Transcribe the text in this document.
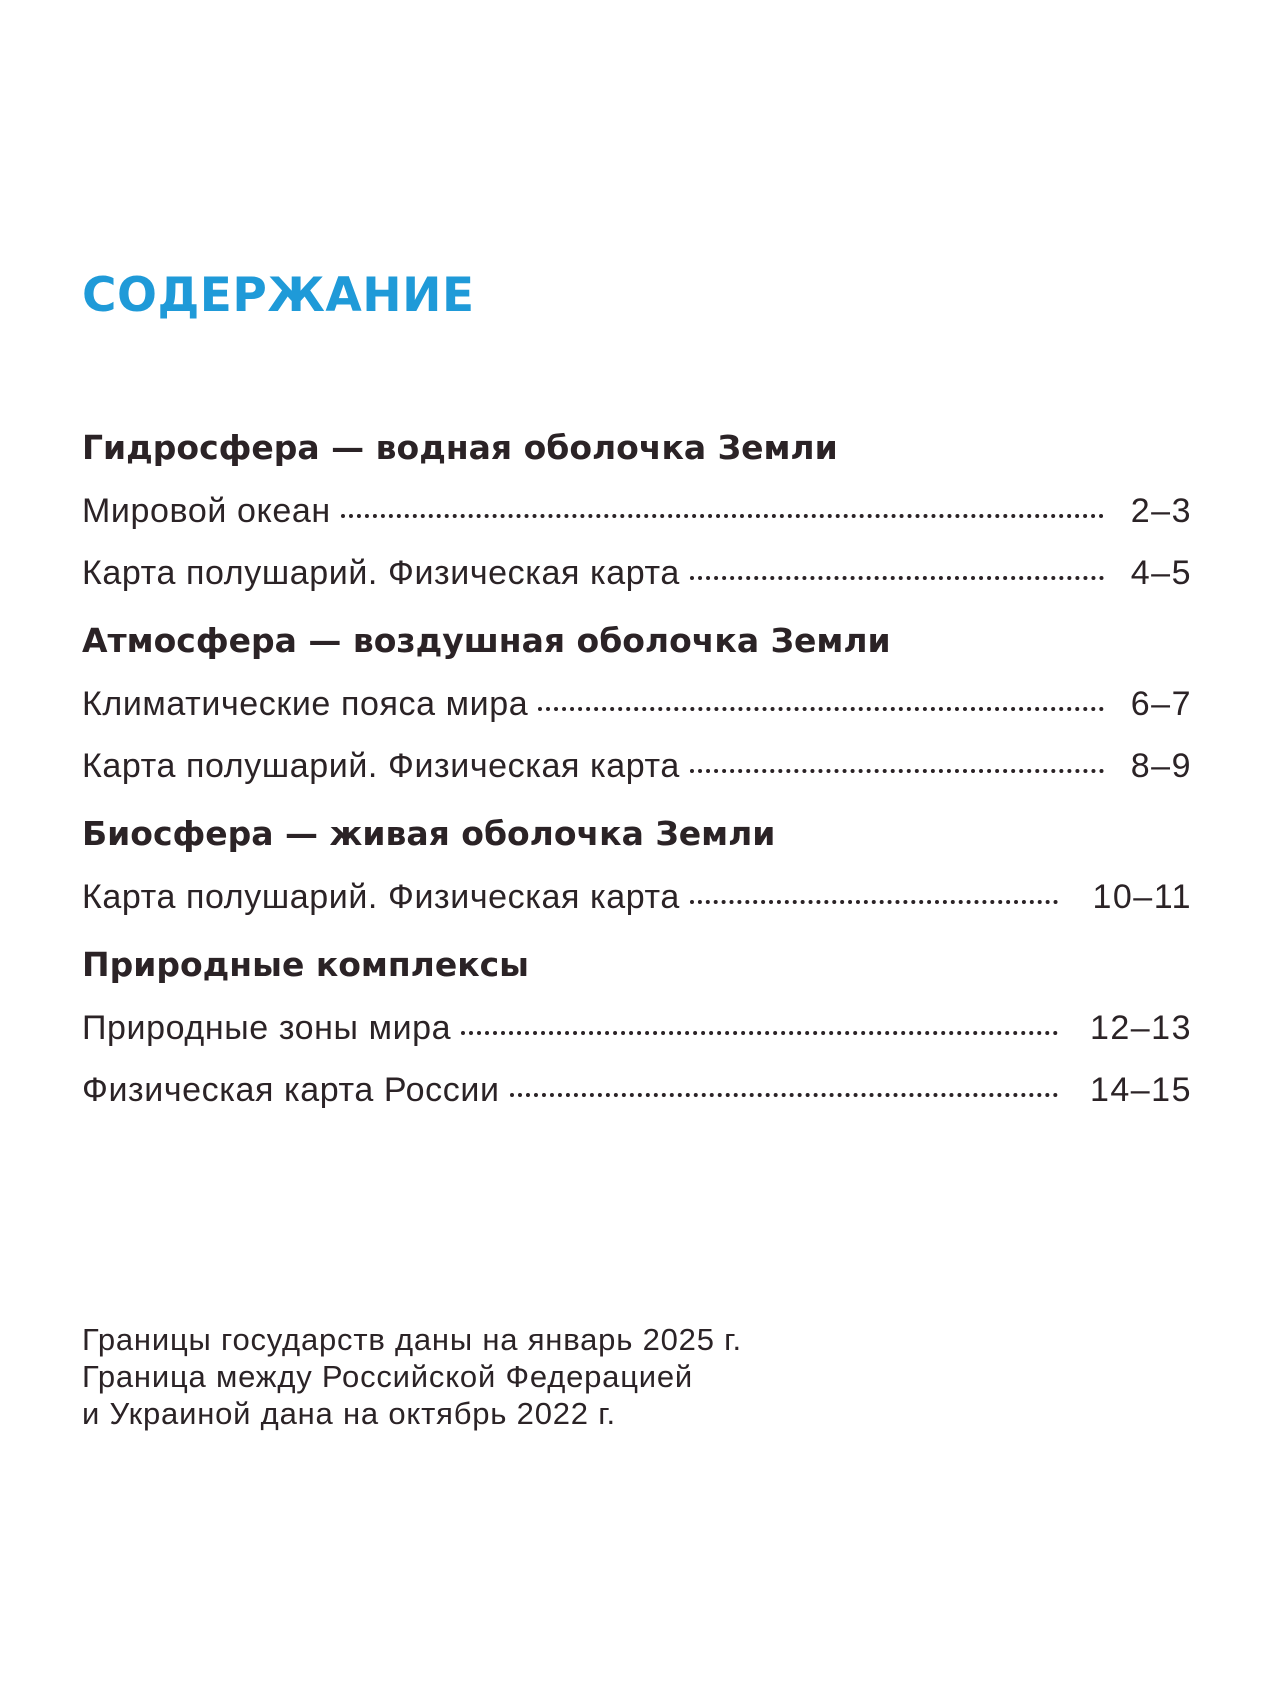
СОДЕРЖАНИЕ
Гидросфера — водная оболочка Земли
Мировой океан	2–3
Карта полушарий. Физическая карта	4–5
Атмосфера — воздушная оболочка Земли
Климатические пояса мира	6–7
Карта полушарий. Физическая карта	8–9
Биосфера — живая оболочка Земли
Карта полушарий. Физическая карта	10–11
Природные комплексы
Природные зоны мира	12–13
Физическая карта России	14–15
Границы государств даны на январь 2025 г.
Граница между Российской Федерацией
и Украиной дана на октябрь 2022 г.
